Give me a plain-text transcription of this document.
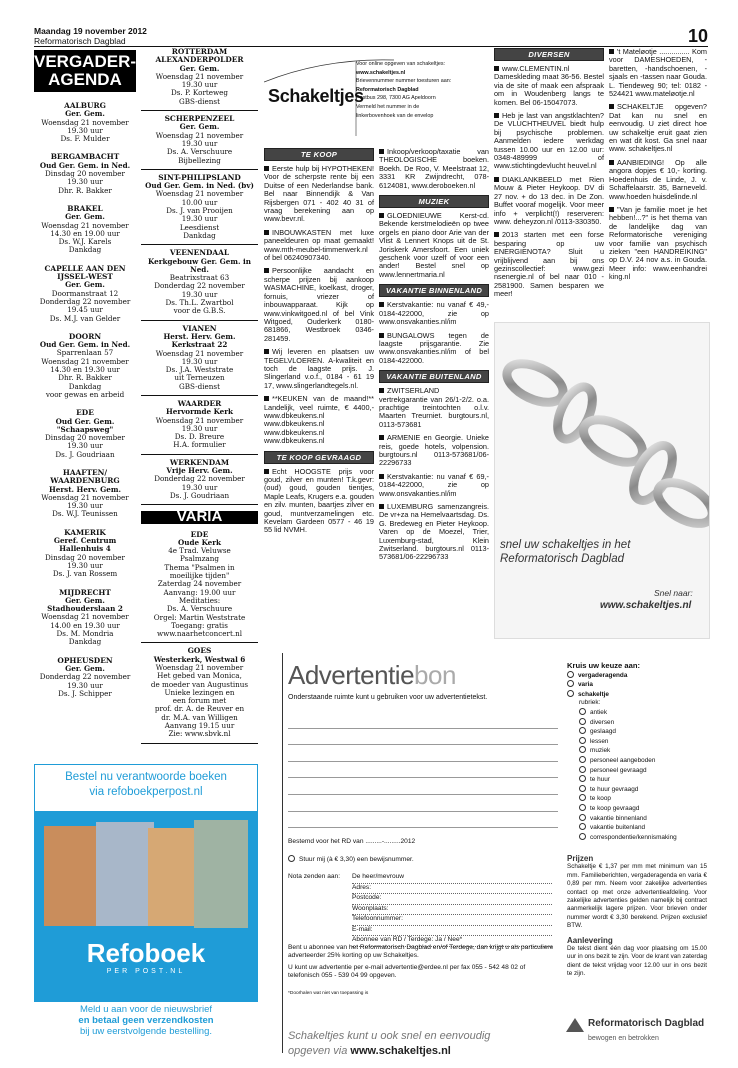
Maandag 19 november 2012
Reformatorisch Dagblad	10
VERGADER-AGENDA
AALBURG
Ger. Gem.
Woensdag 21 november
19.30 uur
Ds. F. Mulder
BERGAMBACHT
Oud Ger. Gem. in Ned.
Dinsdag 20 november
19.30 uur
Dhr. R. Bakker
BRAKEL
Ger. Gem.
Woensdag 21 november
14.30 en 19.00 uur
Ds. W.J. Karels
Dankdag
CAPELLE AAN DEN IJSSEL-WEST
Ger. Gem.
Doormanstraat 12
Donderdag 22 november
19.45 uur
Ds. M.J. van Gelder
DOORN
Oud Ger. Gem. in Ned.
Sparrenlaan 57
Woensdag 21 november
14.30 en 19.30 uur
Dhr. R. Bakker
Dankdag
voor gewas en arbeid
EDE
Oud Ger. Gem. "Schaapsweg"
Dinsdag 20 november
19.30 uur
Ds. J. Goudriaan
HAAFTEN/ WAARDENBURG
Herst. Herv. Gem.
Woensdag 21 november
19.30 uur
Ds. W.J. Teunissen
KAMERIK
Geref. Centrum Hallenhuis 4
Dinsdag 20 november
19.30 uur
Ds. J. van Rossem
MIJDRECHT
Ger. Gem. Stadhouderslaan 2
Woensdag 21 november
14.00 en 19.30 uur
Ds. M. Mondria
Dankdag
OPHEUSDEN
Ger. Gem.
Donderdag 22 november
19.30 uur
Ds. J. Schipper
ROTTERDAM ALEXANDERPOLDER
Ger. Gem.
Woensdag 21 november
19.30 uur
Ds. P. Korteweg
GBS-dienst
SCHERPENZEEL
Ger. Gem.
Woensdag 21 november
19.30 uur
Ds. A. Verschuure
Bijbellezing
SINT-PHILIPSLAND
Oud Ger. Gem. in Ned. (bv)
Woensdag 21 november
10.00 uur
Ds. J. van Prooijen
19.30 uur
Leesdienst
Dankdag
VEENENDAAL
Kerkgebouw Ger. Gem. in Ned.
Beatrixstraat 63
Donderdag 22 november
19.30 uur
Ds. Th.L. Zwartbol
voor de G.B.S.
VIANEN
Herst. Herv. Gem. Kerkstraat 22
Woensdag 21 november
19.30 uur
Ds. J.A. Weststrate
uit Terneuzen
GBS-dienst
WAARDER
Hervormde Kerk
Woensdag 21 november
19.30 uur
Ds. D. Breure
H.A. formulier
WERKENDAM
Vrije Herv. Gem.
Donderdag 22 november
19.30 uur
Ds. J. Goudriaan
VARIA
EDE
Oude Kerk
4e Trad. Veluwse
Psalmzang
Thema "Psalmen in
moeilijke tijden"
Zaterdag 24 november
Aanvang: 19.00 uur
Meditaties:
Ds. A. Verschuure
Orgel: Martin Weststrate
Toegang: gratis
www.naarhetconcert.nl
GOES
Westerkerk, Westwal 6
Woensdag 21 november
Het gebed van Monica,
de moeder van Augustinus
Unieke lezingen en
een forum met
prof. dr. A. de Reuver en
dr. M.A. van Willigen
Aanvang 19.15 uur
Zie: www.sbvk.nl
Schakeltjes
Voor online opgeven van schakeltjes:
www.schakeltjes.nl
Brievennummer nummer toesturen aan:
Reformatorisch Dagblad
Postbus 298, 7300 AG Apeldoorn
Vermeld het nummer in de
linkerbovenhoek van de envelop
TE KOOP
Eerste hulp bij HYPOTHEKEN! Voor de scherpste rente bij een Duitse of een Nederlandse bank. Bel naar Binnendijk & Van Rijsbergen 071 - 402 40 31 of vraag berekening aan op www.bevr.nl.
INBOUWKASTEN met luxe paneeldeuren op maat gemaakt! www.mth-meubel-timmerwerk.nl of bel 06240907340.
Persoonlijke aandacht en scherpe prijzen bij aankoop WASMACHINE, koelkast, droger, fornuis, vriezer of inbouwapparaat. Kijk op www.vinkwitgoed.nl of bel Vink Witgoed, Ouderkerk 0180-681866, Westbroek 0346-281459.
Wij leveren en plaatsen uw TEGELVLOEREN. A-kwaliteit en toch de laagste prijs. J. Slingerland v.o.f., 0184 - 61 19 17, www.slingerlandtegels.nl.
**KEUKEN van de maand!** Landelijk, veel ruimte, € 4400,- www.dbkeukens.nl www.dbkeukens.nl www.dbkeukens.nl www.dbkeukens.nl
TE KOOP GEVRAAGD
Echt HOOGSTE prijs voor goud, zilver en munten! T.k.gevr: (oud) goud, gouden tientjes, Maple Leafs, Krugers e.a. gouden en zilv. munten, baartjes zilver en goud, muntverzamelingen etc. Kevelam Gardeen 0577 - 46 19 55 lid NVMH.
Inkoop/verkoop/taxatie van THEOLOGISCHE boeken. Boekh. De Roo, V. Meelstraat 12, 3331 KR Zwijndrecht, 078-6124081, www.deroboeken.nl
MUZIEK
GLOEDNIEUWE Kerst-cd. Bekende kerstmelodieën op twee orgels en piano door Arie van der Vlist & Lennert Knops uit de St. Joriskerk Amersfoort. Een uniek geschenk voor uzelf of voor een ander! Bestel snel op www.lennertmaria.nl
VAKANTIE BINNENLAND
Kerstvakantie: nu vanaf € 49,- 0184-422000, zie op www.onsvakanties.nl/im
BUNGALOWS tegen de laagste prijsgarantie. Zie www.onsvakanties.nl/im of bel 0184-422000.
VAKANTIE BUITENLAND
ZWITSERLAND vertrekgarantie van 26/1-2/2. o.a. prachtige treintochten o.l.v. Maarten Treurniet. burgtours.nl, 0113-573681
ARMENIE en Georgie. Unieke reis, goede hotels, volpension. burgtours.nl 0113-573681/06-22296733
Kerstvakantie: nu vanaf € 69,- 0184-422000, zie op www.onsvakanties.nl/im
LUXEMBURG samenzangreis. De vr+za na Hemelvaartsdag. Ds. G. Bredeweg en Pieter Heykoop. Varen op de Moezel, Trier, Luxemburg-stad, Klein Zwitserland. burgtours.nl 0113-573681/06-22296733
DIVERSEN
www.CLEMENTIN.nl Dameskleding maat 36-56. Bestel via de site of maak een afspraak om in Woudenberg langs te komen. Bel 06-15047073.
Heb je last van angstklachten? De VLUCHTHEUVEL biedt hulp bij psychische problemen. Aanmelden iedere werkdag tussen 10.00 uur en 12.00 uur: 0348-489999 of www.stichtingdevlucht heuvel.nl
DIAKLANKBEELD met Rien Mouw & Pieter Heykoop. DV di 27 nov. + do 13 dec. in De Zon. Buffet vooraf mogelijk. Voor meer info + verplicht(!) reserveren: www. deheyzon.nl /0113-330350.
2013 starten met een forse besparing op uw ENERGIENOTA? Sluit u vrijblijvend aan bij ons gezinscollectief: www.gezi nsenergie.nl of bel naar 010 - 2581900. Samen besparen we meer!
't Mateløotje ............... Kom voor DAMESHOEDEN, -baretten, -handschoenen, -sjaals en -tassen naar Gouda. L. Tiendeweg 90; tel: 0182 - 524421 www.mateløotje.nl
SCHAKELTJE opgeven? Dat kan nu snel en eenvoudig. U ziet direct hoe uw schakeltje eruit gaat zien en wat dit kost. Ga snel naar www. schakeltjes.nl
AANBIEDING! Op alle angora dopjes € 10,- korting. Hoedenhuis de Linde, J. v. Schaffelaarstr. 35, Barneveld. www.hoeden huisdelinde.nl
"Van je familie moet je het hebben!...?" is het thema van de landelijke dag van Reformatorische vereniging voor familie van psychisch zieken "een HANDREIKING" op D.V. 24 nov a.s. in Gouda. Meer info: www.eenhandrei king.nl
snel uw schakeltjes in het
Reformatorisch Dagblad
Snel naar:
www.schakeltjes.nl
Bestel nu verantwoorde boeken
via refoboekperpost.nl
Refoboek
PER POST.NL
Meld u aan voor de nieuwsbrief
en betaal geen verzendkosten
bij uw eerstvolgende bestelling.
Advertentiebon
Onderstaande ruimte kunt u gebruiken voor uw advertentietekst.
Bestemd voor het RD van .........-.........2012
Stuur mij (à € 3,30) een bewijsnummer.
Nota zenden aan: De heer/mevrouw
Adres:
Postcode:
Woonplaats:
Telefoonnummer:
E-mail:
Abonnee van RD / Terdege: Ja / Nee*
Bent u abonnee van het Reformatorisch Dagblad en/of Terdege, dan krijgt u als particuliere adverteerder 25% korting op uw Schakeltjes.
U kunt uw advertentie per e-mail advertentie@erdee.nl per fax 055 - 542 48 02 of telefonisch 055 - 539 04 99 opgeven.
*Doorhalen wat niet van toepassing is
Schakeltjes kunt u ook snel en eenvoudig
opgeven via www.schakeltjes.nl
Kruis uw keuze aan:
vergaderagenda
varia
schakeltje
rubriek:
antiek
diversen
geslaagd
lessen
muziek
personeel aangeboden
personeel gevraagd
te huur
te huur gevraagd
te koop
te koop gevraagd
vakantie binnenland
vakantie buitenland
correspondentie/kennismaking
Prijzen
Schakeltje € 1,37 per mm met minimum van 15 mm. Familieberichten, vergaderagenda en varia € 0,89 per mm. Neem voor zakelijke advertenties contact op met onze advertentieafdeling. Voor zakelijke advertenties gelden namelijk bij contract aanmerkelijk lagere prijzen. Voor brieven onder nummer wordt € 3,30 berekend. Prijzen exclusief BTW.
Aanlevering
De tekst dient één dag voor plaatsing om 15.00 uur in ons bezit te zijn. Voor de krant van zaterdag dient de tekst vrijdag voor 12.00 uur in ons bezit te zijn.
Reformatorisch Dagblad
bewogen en betrokken
